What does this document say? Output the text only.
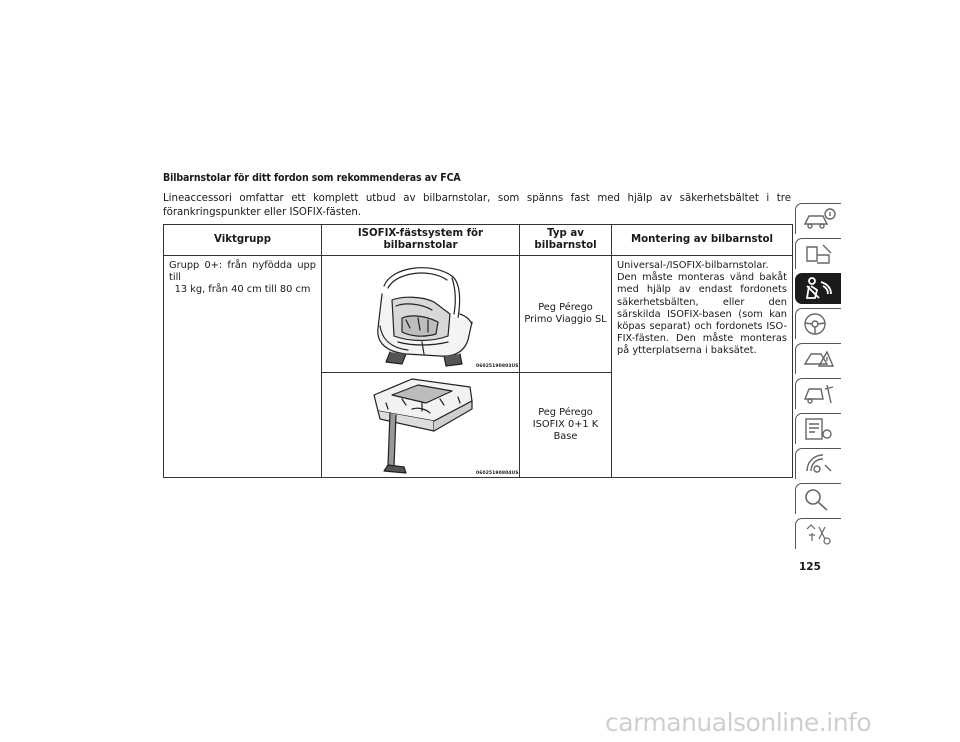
Bilbarnstolar för ditt fordon som rekommenderas av FCA
Lineaccessori omfattar ett komplett utbud av bilbarnstolar, som spänns fast med hjälp av säkerhetsbältet i tre förankringspunkter eller ISOFIX-fästen.
Viktgrupp	ISOFIX-fästsystem för bilbarnstolar	Typ av bilbarnstol	Montering av bilbarnstol

Grupp 0+: från nyfödda upp till
13 kg, från 40 cm till 80 cm	06025190803US	Peg Pérego Primo Viaggio SL	Universal-/ISOFIX-bilbarnstolar. Den måste monteras vänd bakåt med hjälp av endast fordonets säkerhetsbälten, eller den särskilda ISOFIX-basen (som kan köpas separat) och fordonets ISO-FIX-fästen. Den måste monteras på ytterplatserna i baksätet.

	06025190804US	Peg Pérego ISOFIX 0+1 K Base	
125
carmanualsonline.info
